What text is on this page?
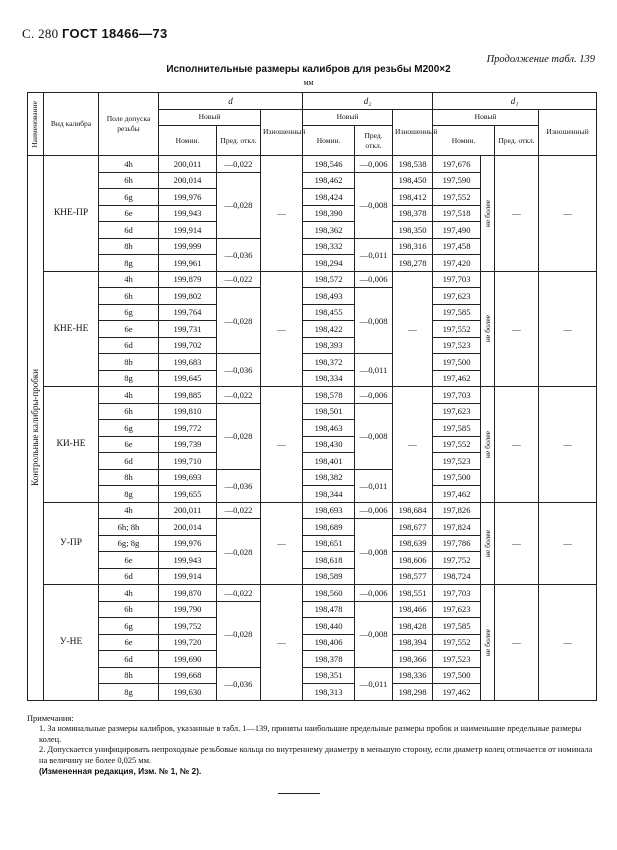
С. 280 ГОСТ 18466—73
Продолжение табл. 139
Исполнительные размеры калибров для резьбы М200×2
мм
Наименование	Вид калибра	Поле допуска резьбы	d			d₂			d₁			
			Новый		Изношенный	Новый		Изношенный	Новый			Изношенный
			Номин.	Пред. откл.		Номин.	Пред. откл.		Номин.		Пред. откл.	

Контрольные калибры-пробки	КНЕ-ПР	4h	200,011	—0,022	—	198,546	—0,006	198,538	197,676	не более	—	—
		6h	200,014	—0,028		198,462	—0,008	198,450	197,590			
		6g	199,976			198,424		198,412	197,552			
		6e	199,943			198,390		198,378	197,518			
		6d	199,914			198,362		198,350	197,490			
		8h	199,999	—0,036		198,332	—0,011	198,316	197,458			
		8g	199,961			198,294		198,278	197,420			
	КНЕ-НЕ	4h	199,879	—0,022	—	198,572	—0,006	—	197,703	не более	—	—
		6h	199,802	—0,028		198,493	—0,008		197,623			
		6g	199,764			198,455			197,585			
		6e	199,731			198,422			197,552			
		6d	199,702			198,393			197,523			
		8h	199,683	—0,036		198,372	—0,011		197,500			
		8g	199,645			198,334			197,462			
	КИ-НЕ	4h	199,885	—0,022	—	198,578	—0,006	—	197,703	не более	—	—
		6h	199,810	—0,028		198,501	—0,008		197,623			
		6g	199,772			198,463			197,585			
		6e	199,739			198,430			197,552			
		6d	199,710			198,401			197,523			
		8h	199,693	—0,036		198,382	—0,011		197,500			
		8g	199,655			198,344			197,462			
	У-ПР	4h	200,011	—0,022	—	198,693	—0,006	198,684	197,826	не более	—	—
		6h; 8h	200,014	—0,028		198,689	—0,008	198,677	197,824			
		6g; 8g	199,976			198,651		198,639	197,786			
		6e	199,943			198,618		198,606	197,752			
		6d	199,914			198,589		198,577	198,724			
	У-НЕ	4h	199,870	—0,022	—	198,560	—0,006	198,551	197,703	не более	—	—
		6h	199,790	—0,028		198,478	—0,008	198,466	197,623			
		6g	199,752			198,440		198,428	197,585			
		6e	199,720			198,406		198,394	197,552			
		6d	199,690			198,378		198,366	197,523			
		8h	199,668	—0,036		198,351	—0,011	198,336	197,500			
		8g	199,630			198,313		198,298	197,462			

Примечания:

1. За номинальные размеры калибров, указанные в табл. 1—139, приняты наибольшие предельные размеры пробок и наименьшие предельные размеры колец.

2. Допускается унифицировать непроходные резьбовые кольца по внутреннему диаметру в меньшую сторону, если диаметр колец отличается от номинала на величину не более 0,025 мм.

(Измененная редакция, Изм. № 1, № 2).
